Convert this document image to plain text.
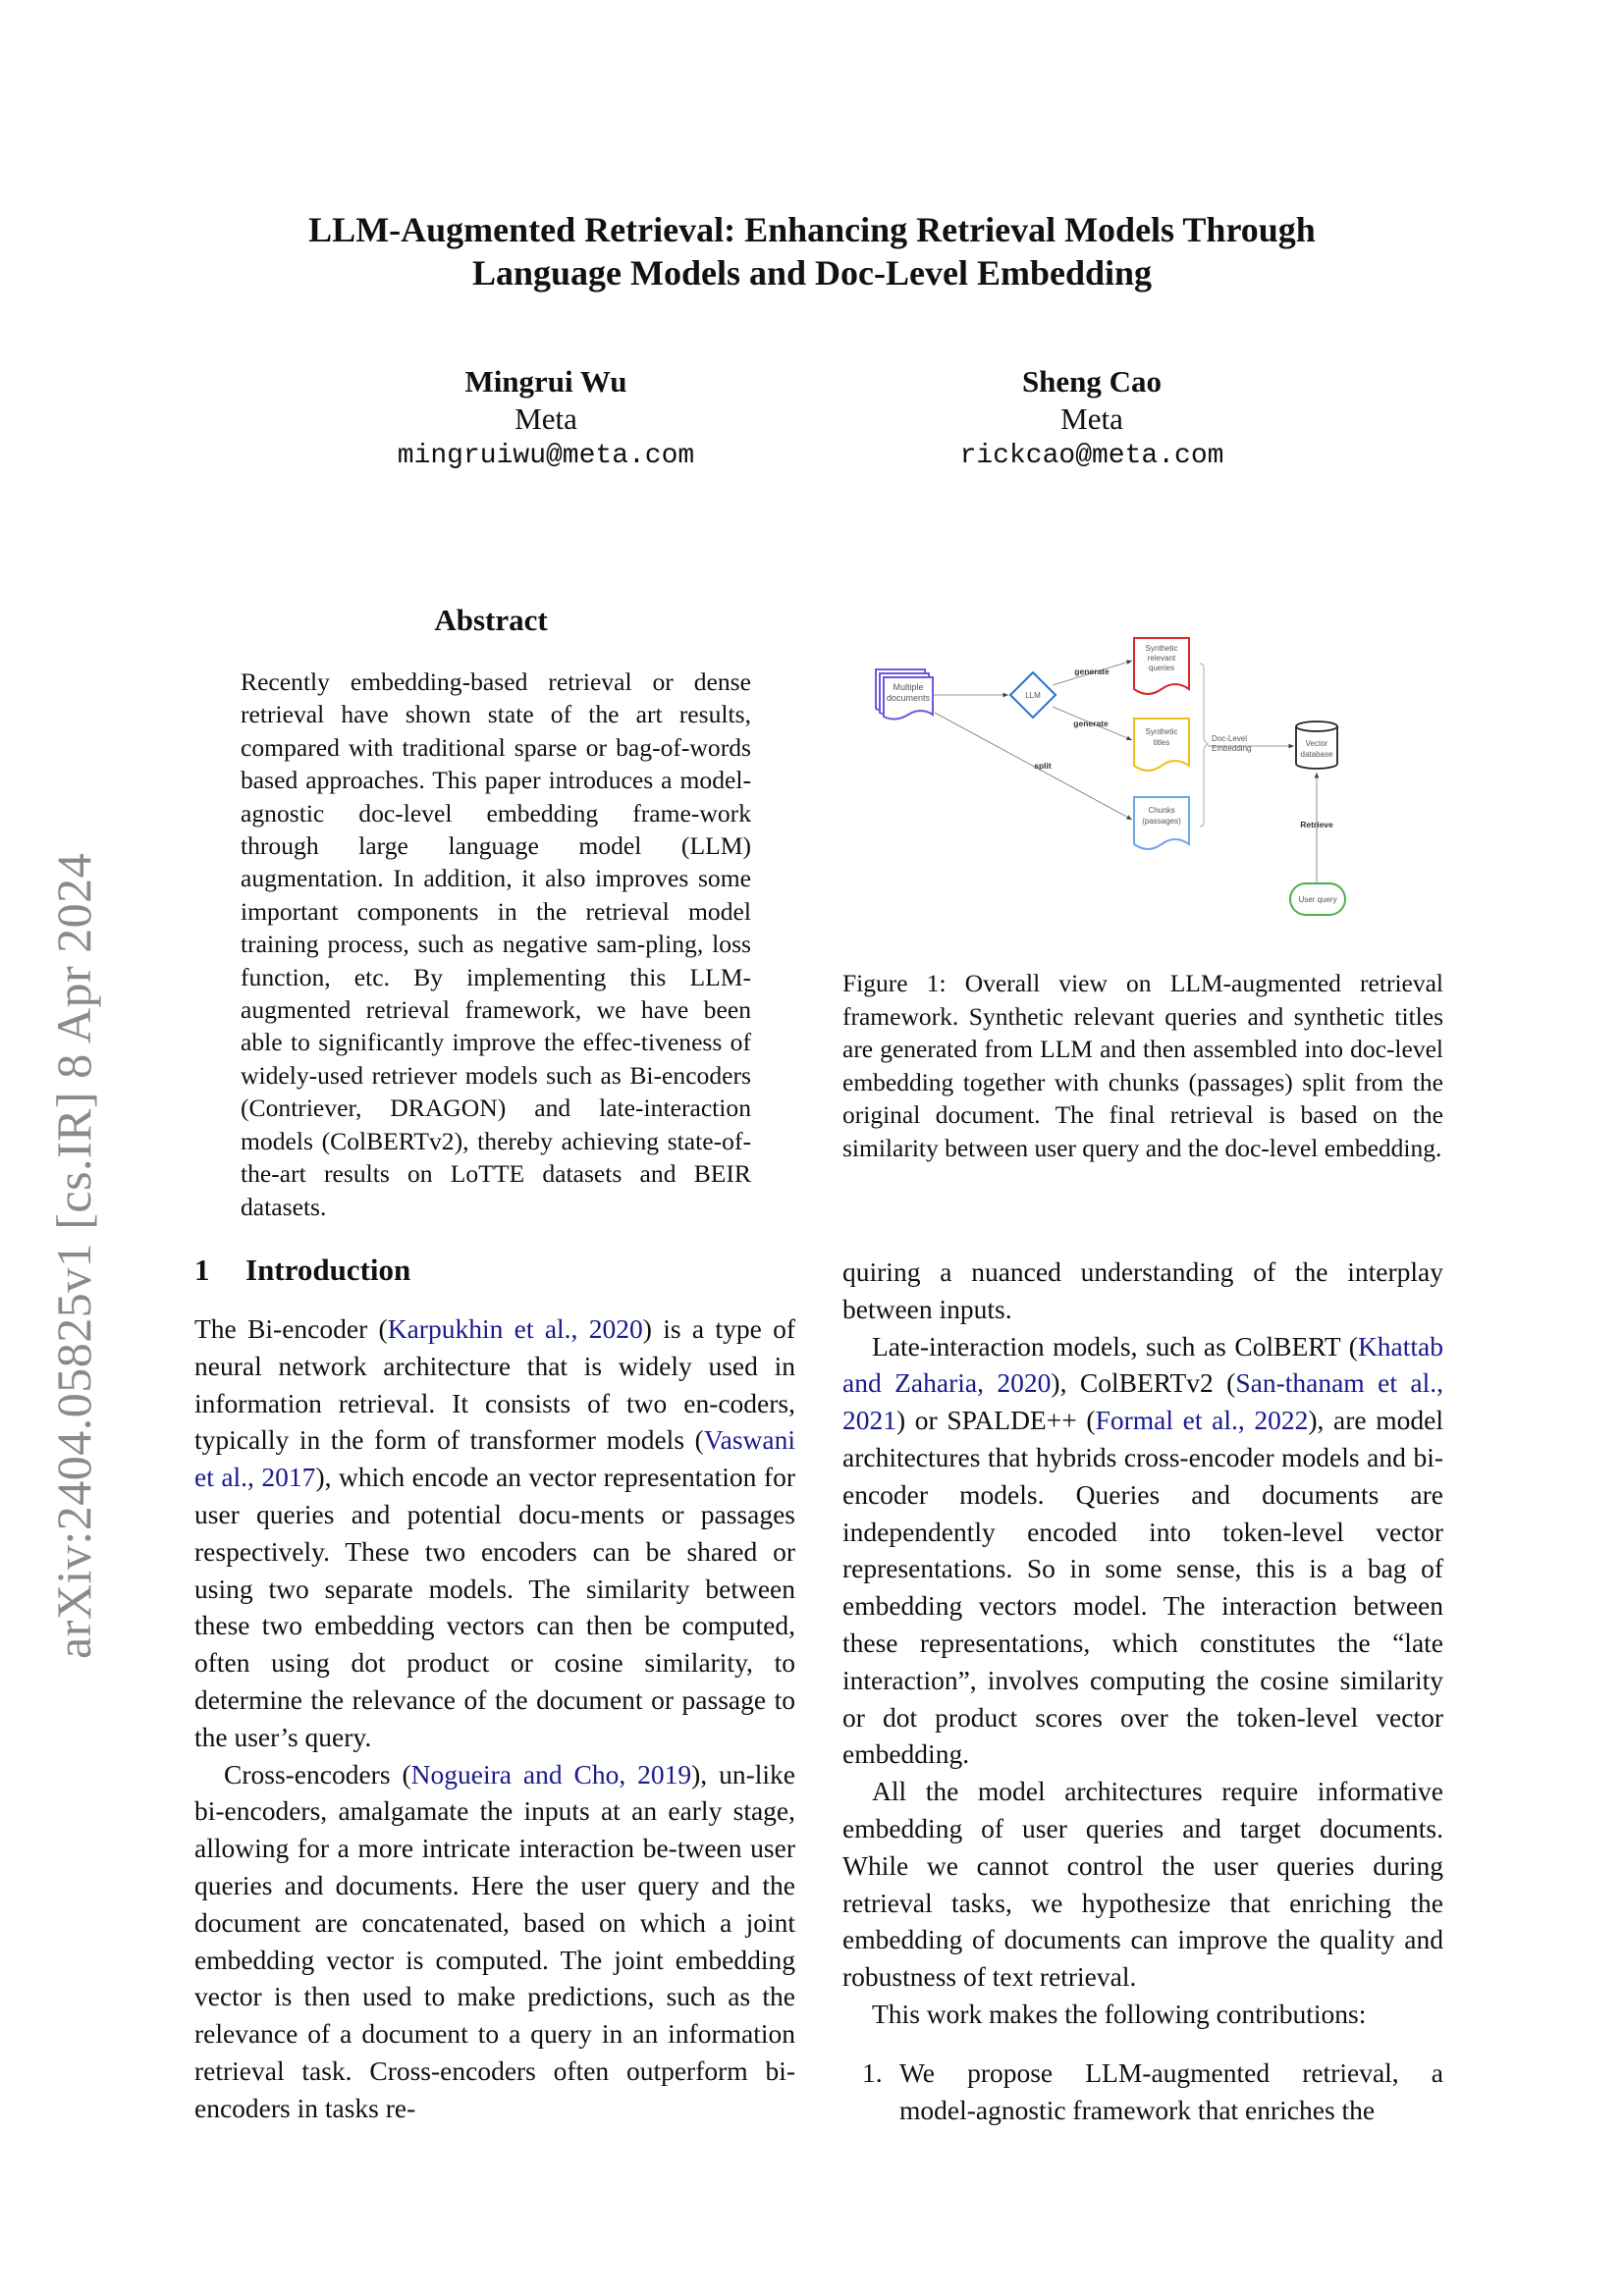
arXiv:2404.05825v1 [cs.IR] 8 Apr 2024
LLM-Augmented Retrieval: Enhancing Retrieval Models Through
Language Models and Doc-Level Embedding
Mingrui Wu
Meta
mingruiwu@meta.com
Sheng Cao
Meta
rickcao@meta.com
Abstract
Recently embedding-based retrieval or dense retrieval have shown state of the art results, compared with traditional sparse or bag-of-words based approaches. This paper introduces a model-agnostic doc-level embedding frame-work through large language model (LLM) augmentation. In addition, it also improves some important components in the retrieval model training process, such as negative sam-pling, loss function, etc. By implementing this LLM-augmented retrieval framework, we have been able to significantly improve the effec-tiveness of widely-used retriever models such as Bi-encoders (Contriever, DRAGON) and late-interaction models (ColBERTv2), thereby achieving state-of-the-art results on LoTTE datasets and BEIR datasets.
Multiple
documents	LLM
generate
generate
split
Synthetic
relevant
queries
Synthetic
titles
Chunks
(passages)
Doc-Level
Embedding
Vector
database
Retrieve
User query
Figure 1: Overall view on LLM-augmented retrieval framework. Synthetic relevant queries and synthetic titles are generated from LLM and then assembled into doc-level embedding together with chunks (passages) split from the original document. The final retrieval is based on the similarity between user query and the doc-level embedding.
1 Introduction

The Bi-encoder (Karpukhin et al., 2020) is a type of neural network architecture that is widely used in information retrieval. It consists of two en-coders, typically in the form of transformer models (Vaswani et al., 2017), which encode an vector representation for user queries and potential docu-ments or passages respectively. These two encoders can be shared or using two separate models. The similarity between these two embedding vectors can then be computed, often using dot product or cosine similarity, to determine the relevance of the document or passage to the user’s query.

Cross-encoders (Nogueira and Cho, 2019), un-like bi-encoders, amalgamate the inputs at an early stage, allowing for a more intricate interaction be-tween user queries and documents. Here the user query and the document are concatenated, based on which a joint embedding vector is computed. The joint embedding vector is then used to make predictions, such as the relevance of a document to a query in an information retrieval task. Cross-encoders often outperform bi-encoders in tasks re-

quiring a nuanced understanding of the interplay between inputs.

Late-interaction models, such as ColBERT (Khattab and Zaharia, 2020), ColBERTv2 (San-thanam et al., 2021) or SPALDE++ (Formal et al., 2022), are model architectures that hybrids cross-encoder models and bi-encoder models. Queries and documents are independently encoded into token-level vector representations. So in some sense, this is a bag of embedding vectors model. The interaction between these representations, which constitutes the “late interaction”, involves computing the cosine similarity or dot product scores over the token-level vector embedding.

All the model architectures require informative embedding of user queries and target documents. While we cannot control the user queries during retrieval tasks, we hypothesize that enriching the embedding of documents can improve the quality and robustness of text retrieval.

This work makes the following contributions:

1. We propose LLM-augmented retrieval, a
model-agnostic framework that enriches the
